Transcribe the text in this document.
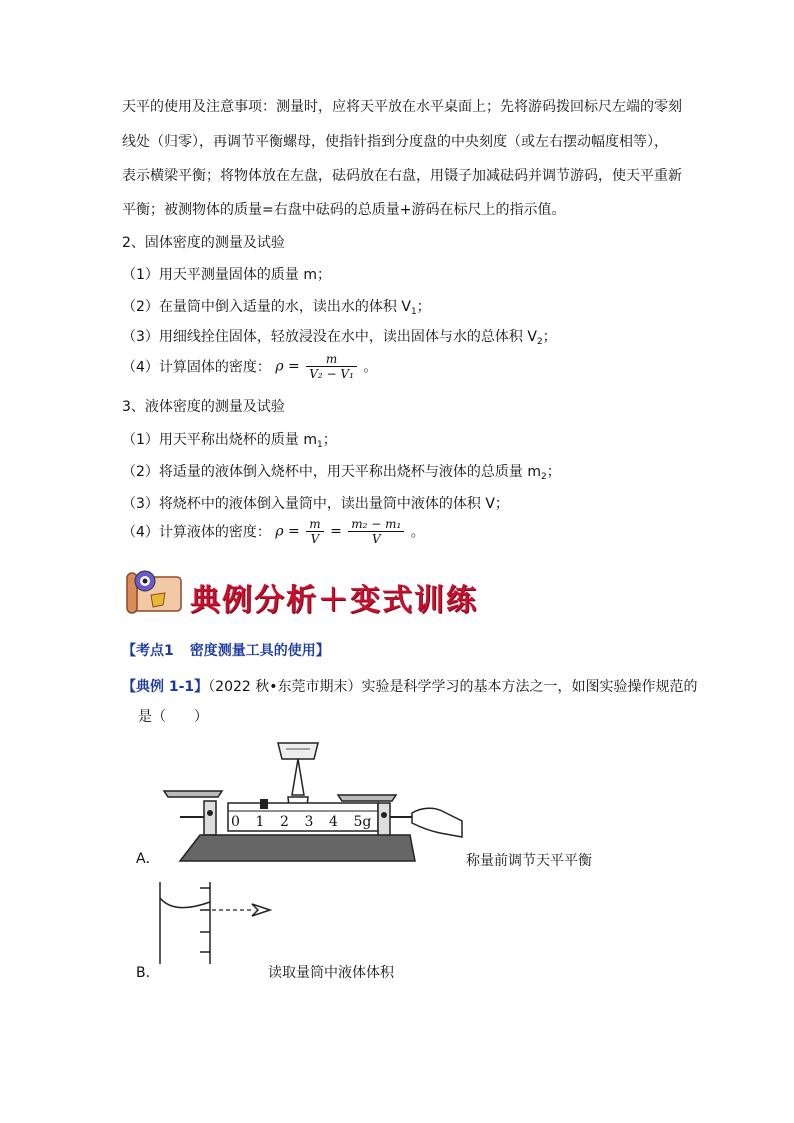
天平的使用及注意事项：测量时，应将天平放在水平桌面上；先将游码拨回标尺左端的零刻
线处（归零），再调节平衡螺母，使指针指到分度盘的中央刻度（或左右摆动幅度相等），
表示横梁平衡；将物体放在左盘，砝码放在右盘，用镊子加减砝码并调节游码，使天平重新
平衡；被测物体的质量=右盘中砝码的总质量+游码在标尺上的指示值。
2、固体密度的测量及试验
（1）用天平测量固体的质量 m；
（2）在量筒中倒入适量的水，读出水的体积 $V_1$；
（3）用细线拴住固体，轻放浸没在水中，读出固体与水的总体积 $V_2$；
（4）计算固体的密度： $\rho = \frac{m}{\text{V₂ − V₁}}$ 。
3、液体密度的测量及试验
（1）用天平称出烧杯的质量 $m_1$；
（2）将适量的液体倒入烧杯中，用天平称出烧杯与液体的总质量 $m_2$；
（3）将烧杯中的液体倒入量筒中，读出量筒中液体的体积 V；
（4）计算液体的密度： $\rho = \frac{m}{V} = \frac{\text{m₂ − m₁}}{V}$ 。
典例分析＋变式训练
【考点1 密度测量工具的使用】
【典例 1-1】（2022 秋•东莞市期末）实验是科学学习的基本方法之一，如图实验操作规范的
是（　　）
0 1 2 3 4 5g
A．	称量前调节天平平衡
B．	读取量筒中液体体积
